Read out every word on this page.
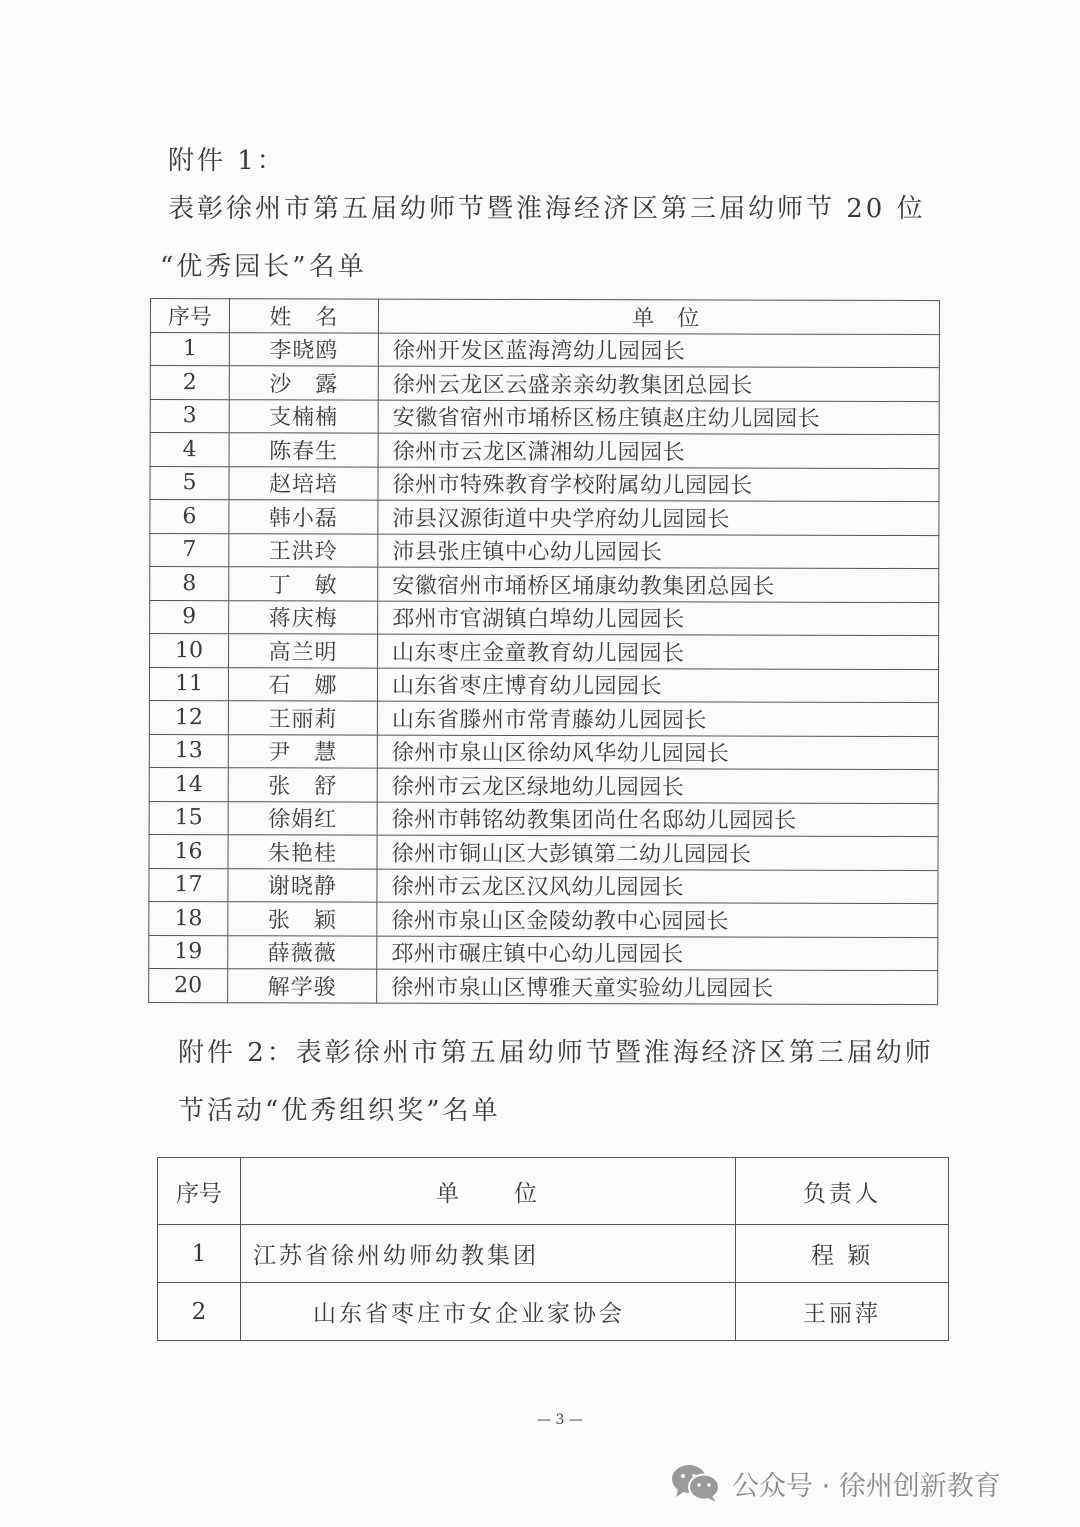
附件 1：
表彰徐州市第五届幼师节暨淮海经济区第三届幼师节 20 位
“优秀园长”名单
序号	姓　名	单　位
1	李晓鸥	徐州开发区蓝海湾幼儿园园长
2	沙　露	徐州云龙区云盛亲亲幼教集团总园长
3	支楠楠	安徽省宿州市埇桥区杨庄镇赵庄幼儿园园长
4	陈春生	徐州市云龙区潇湘幼儿园园长
5	赵培培	徐州市特殊教育学校附属幼儿园园长
6	韩小磊	沛县汉源街道中央学府幼儿园园长
7	王洪玲	沛县张庄镇中心幼儿园园长
8	丁　敏	安徽宿州市埇桥区埇康幼教集团总园长
9	蒋庆梅	邳州市官湖镇白埠幼儿园园长
10	高兰明	山东枣庄金童教育幼儿园园长
11	石　娜	山东省枣庄博育幼儿园园长
12	王丽莉	山东省滕州市常青藤幼儿园园长
13	尹　慧	徐州市泉山区徐幼风华幼儿园园长
14	张　舒	徐州市云龙区绿地幼儿园园长
15	徐娟红	徐州市韩铭幼教集团尚仕名邸幼儿园园长
16	朱艳桂	徐州市铜山区大彭镇第二幼儿园园长
17	谢晓静	徐州市云龙区汉风幼儿园园长
18	张　颖	徐州市泉山区金陵幼教中心园园长
19	薛薇薇	邳州市碾庄镇中心幼儿园园长
20	解学骏	徐州市泉山区博雅天童实验幼儿园园长
附件 2：表彰徐州市第五届幼师节暨淮海经济区第三届幼师
节活动“优秀组织奖”名单
序号	单　　位	负责人
1	江苏省徐州幼师幼教集团	程 颖
2	山东省枣庄市女企业家协会	王丽萍
— 3 —
公众号 · 徐州创新教育
